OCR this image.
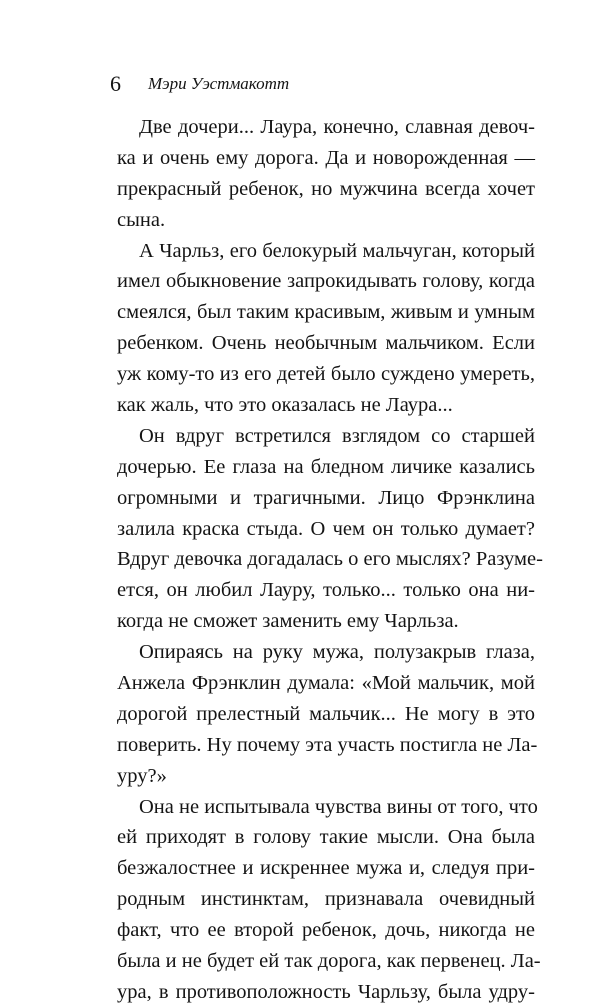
6 Мэри Уэстмакотт
Две дочери... Лаура, конечно, славная девоч-
ка и очень ему дорога. Да и новорожденная —
прекрасный ребенок, но мужчина всегда хочет
сына.
А Чарльз, его белокурый мальчуган, который
имел обыкновение запрокидывать голову, когда
смеялся, был таким красивым, живым и умным
ребенком. Очень необычным мальчиком. Если
уж кому-то из его детей было суждено умереть,
как жаль, что это оказалась не Лаура...
Он вдруг встретился взглядом со старшей
дочерью. Ее глаза на бледном личике казались
огромными и трагичными. Лицо Фрэнклина
залила краска стыда. О чем он только думает?
Вдруг девочка догадалась о его мыслях? Разуме-
ется, он любил Лауру, только... только она ни-
когда не сможет заменить ему Чарльза.
Опираясь на руку мужа, полузакрыв глаза,
Анжела Фрэнклин думала: «Мой мальчик, мой
дорогой прелестный мальчик... Не могу в это
поверить. Ну почему эта участь постигла не Ла-
уру?»
Она не испытывала чувства вины от того, что
ей приходят в голову такие мысли. Она была
безжалостнее и искреннее мужа и, следуя при-
родным инстинктам, признавала очевидный
факт, что ее второй ребенок, дочь, никогда не
была и не будет ей так дорога, как первенец. Ла-
ура, в противоположность Чарльзу, была удру-
